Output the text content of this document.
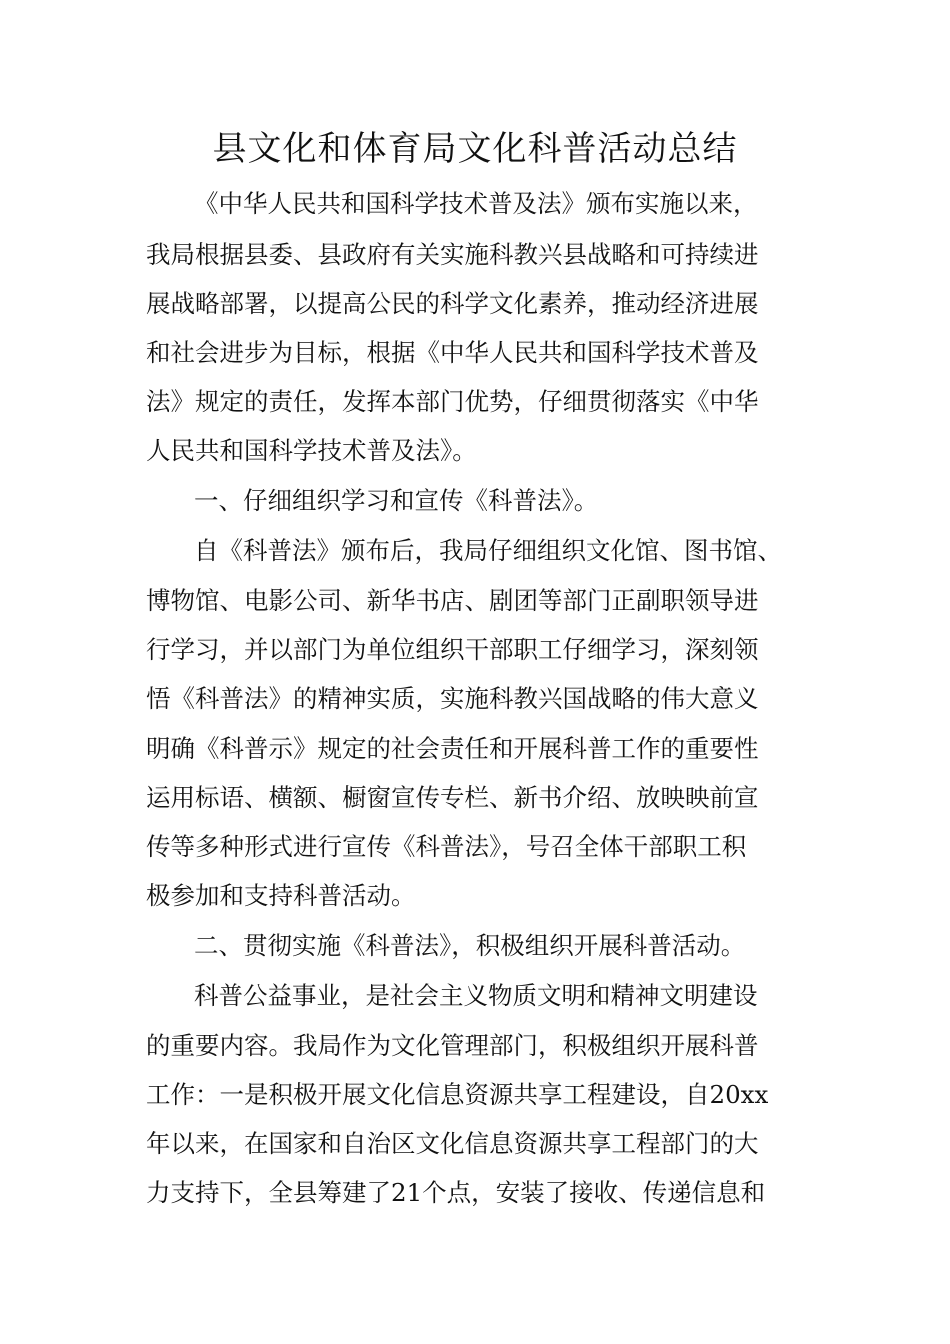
县文化和体育局文化科普活动总结

《中华人民共和国科学技术普及法》颁布实施以来，

我局根据县委、县政府有关实施科教兴县战略和可持续进

展战略部署，以提高公民的科学文化素养，推动经济进展

和社会进步为目标，根据《中华人民共和国科学技术普及

法》规定的责任，发挥本部门优势，仔细贯彻落实《中华

人民共和国科学技术普及法》。

一、仔细组织学习和宣传《科普法》。

自《科普法》颁布后，我局仔细组织文化馆、图书馆、

博物馆、电影公司、新华书店、剧团等部门正副职领导进

行学习，并以部门为单位组织干部职工仔细学习，深刻领

悟《科普法》的精神实质，实施科教兴国战略的伟大意义

明确《科普示》规定的社会责任和开展科普工作的重要性

运用标语、横额、橱窗宣传专栏、新书介绍、放映映前宣

传等多种形式进行宣传《科普法》，号召全体干部职工积

极参加和支持科普活动。

二、贯彻实施《科普法》，积极组织开展科普活动。

科普公益事业，是社会主义物质文明和精神文明建设

的重要内容。我局作为文化管理部门，积极组织开展科普

工作：一是积极开展文化信息资源共享工程建设，自20xx

年以来，在国家和自治区文化信息资源共享工程部门的大

力支持下，全县筹建了21个点，安装了接收、传递信息和
